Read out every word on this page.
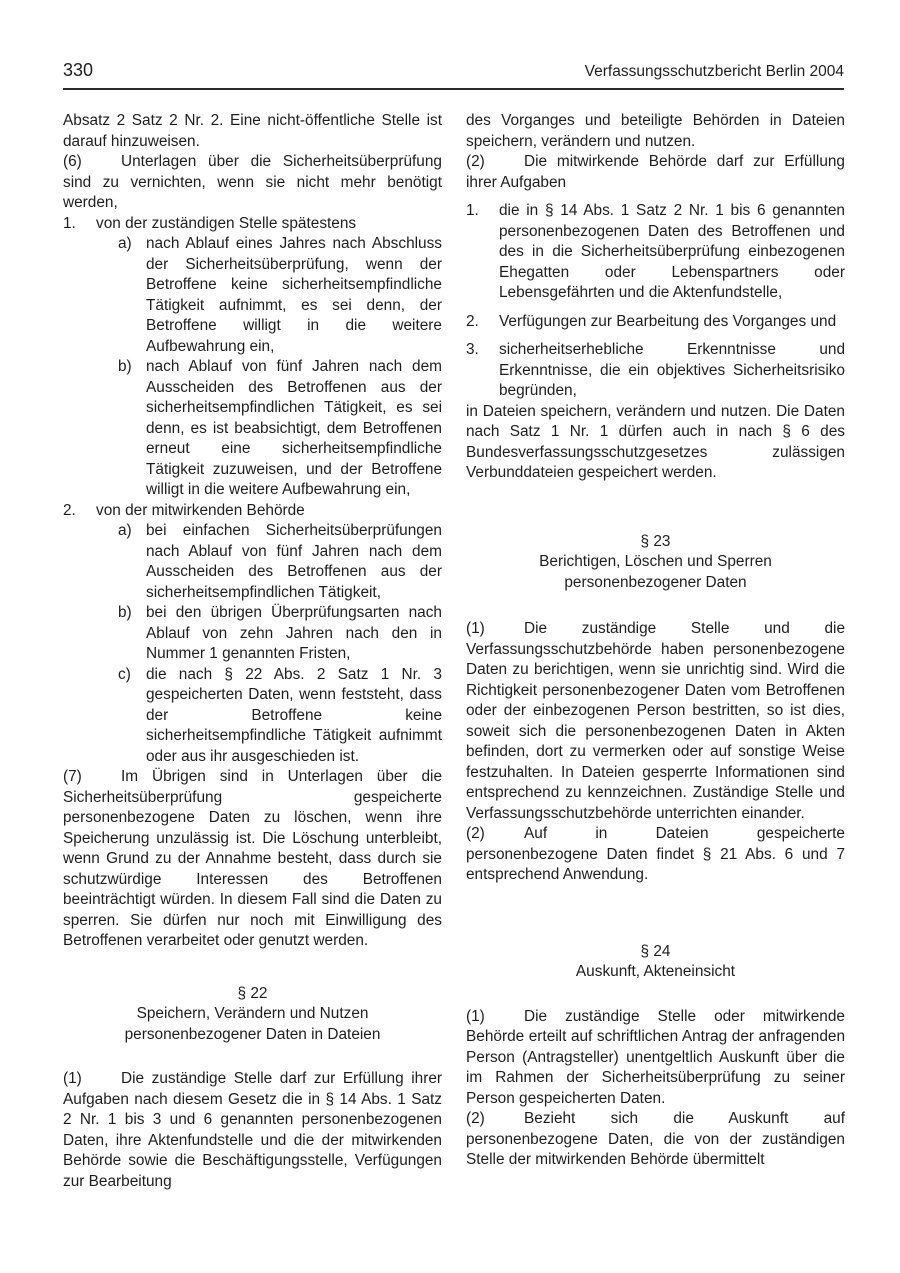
330	Verfassungsschutzbericht Berlin 2004

Absatz 2 Satz 2 Nr. 2. Eine nicht-öffentliche Stelle ist darauf hinzuweisen.

(6)	Unterlagen über die Sicherheitsüberprüfung sind zu vernichten, wenn sie nicht mehr benötigt werden,

1.	von der zuständigen Stelle spätestens
a) nach Ablauf eines Jahres nach Abschluss der Sicherheitsüberprüfung, wenn der Betroffene keine sicherheitsempfindliche Tätigkeit aufnimmt, es sei denn, der Betroffene willigt in die weitere Aufbewahrung ein,
b) nach Ablauf von fünf Jahren nach dem Ausscheiden des Betroffenen aus der sicherheitsempfindlichen Tätigkeit, es sei denn, es ist beabsichtigt, dem Betroffenen erneut eine sicherheitsempfindliche Tätigkeit zuzuweisen, und der Betroffene willigt in die weitere Aufbewahrung ein,
2.	von der mitwirkenden Behörde
a) bei einfachen Sicherheitsüberprüfungen nach Ablauf von fünf Jahren nach dem Ausscheiden des Betroffenen aus der sicherheitsempfindlichen Tätigkeit,
b) bei den übrigen Überprüfungsarten nach Ablauf von zehn Jahren nach den in Nummer 1 genannten Fristen,
c) die nach § 22 Abs. 2 Satz 1 Nr. 3 gespeicherten Daten, wenn feststeht, dass der Betroffene keine sicherheitsempfindliche Tätigkeit aufnimmt oder aus ihr ausgeschieden ist.

(7)	Im Übrigen sind in Unterlagen über die Sicherheitsüberprüfung gespeicherte personenbezogene Daten zu löschen, wenn ihre Speicherung unzulässig ist. Die Löschung unterbleibt, wenn Grund zu der Annahme besteht, dass durch sie schutzwürdige Interessen des Betroffenen beeinträchtigt würden. In diesem Fall sind die Daten zu sperren. Sie dürfen nur noch mit Einwilligung des Betroffenen verarbeitet oder genutzt werden.

§ 22
Speichern, Verändern und Nutzen
personenbezogener Daten in Dateien

(1)	Die zuständige Stelle darf zur Erfüllung ihrer Aufgaben nach diesem Gesetz die in § 14 Abs. 1 Satz 2 Nr. 1 bis 3 und 6 genannten personenbezogenen Daten, ihre Aktenfundstelle und die der mitwirkenden Behörde sowie die Beschäftigungsstelle, Verfügungen zur Bearbeitung

des Vorganges und beteiligte Behörden in Dateien speichern, verändern und nutzen.

(2)	Die mitwirkende Behörde darf zur Erfüllung ihrer Aufgaben

1.	die in § 14 Abs. 1 Satz 2 Nr. 1 bis 6 genannten personenbezogenen Daten des Betroffenen und des in die Sicherheitsüberprüfung einbezogenen Ehegatten oder Lebenspartners oder Lebensgefährten und die Aktenfundstelle,
2.	Verfügungen zur Bearbeitung des Vorganges und
3.	sicherheitserhebliche Erkenntnisse und Erkenntnisse, die ein objektives Sicherheitsrisiko begründen,

in Dateien speichern, verändern und nutzen. Die Daten nach Satz 1 Nr. 1 dürfen auch in nach § 6 des Bundesverfassungsschutzgesetzes zulässigen Verbunddateien gespeichert werden.

§ 23
Berichtigen, Löschen und Sperren
personenbezogener Daten

(1)	Die zuständige Stelle und die Verfassungsschutzbehörde haben personenbezogene Daten zu berichtigen, wenn sie unrichtig sind. Wird die Richtigkeit personenbezogener Daten vom Betroffenen oder der einbezogenen Person bestritten, so ist dies, soweit sich die personenbezogenen Daten in Akten befinden, dort zu vermerken oder auf sonstige Weise festzuhalten. In Dateien gesperrte Informationen sind entsprechend zu kennzeichnen. Zuständige Stelle und Verfassungsschutzbehörde unterrichten einander.

(2)	Auf in Dateien gespeicherte personenbezogene Daten findet § 21 Abs. 6 und 7 entsprechend Anwendung.

§ 24
Auskunft, Akteneinsicht

(1)	Die zuständige Stelle oder mitwirkende Behörde erteilt auf schriftlichen Antrag der anfragenden Person (Antragsteller) unentgeltlich Auskunft über die im Rahmen der Sicherheitsüberprüfung zu seiner Person gespeicherten Daten.

(2)	Bezieht sich die Auskunft auf personenbezogene Daten, die von der zuständigen Stelle der mitwirkenden Behörde übermittelt
